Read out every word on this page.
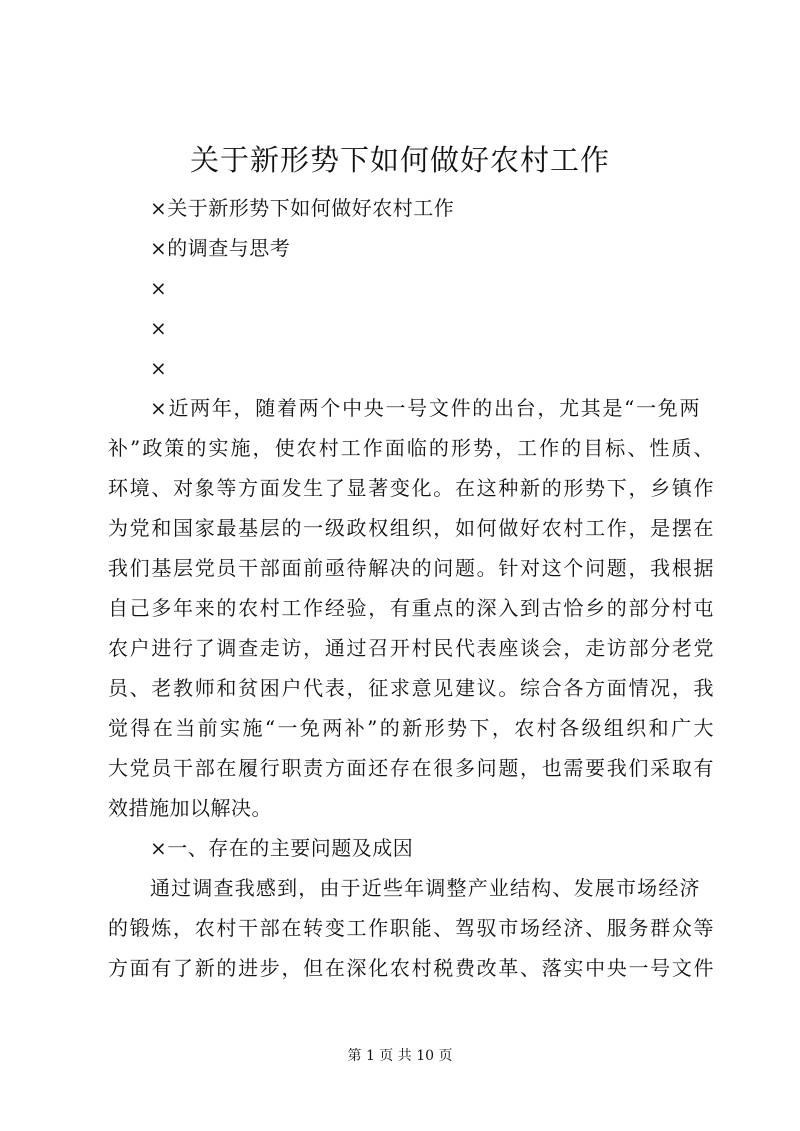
关于新形势下如何做好农村工作
×关于新形势下如何做好农村工作
×的调查与思考
×
×
×
×近两年，随着两个中央一号文件的出台，尤其是“一免两
补”政策的实施，使农村工作面临的形势，工作的目标、性质、
环境、对象等方面发生了显著变化。在这种新的形势下，乡镇作
为党和国家最基层的一级政权组织，如何做好农村工作，是摆在
我们基层党员干部面前亟待解决的问题。针对这个问题，我根据
自己多年来的农村工作经验，有重点的深入到古恰乡的部分村屯
农户进行了调查走访，通过召开村民代表座谈会，走访部分老党
员、老教师和贫困户代表，征求意见建议。综合各方面情况，我
觉得在当前实施“一免两补”的新形势下，农村各级组织和广大
大党员干部在履行职责方面还存在很多问题，也需要我们采取有
效措施加以解决。
×一、存在的主要问题及成因
通过调查我感到，由于近些年调整产业结构、发展市场经济
的锻炼，农村干部在转变工作职能、驾驭市场经济、服务群众等
方面有了新的进步，但在深化农村税费改革、落实中央一号文件
第 1 页 共 10 页
